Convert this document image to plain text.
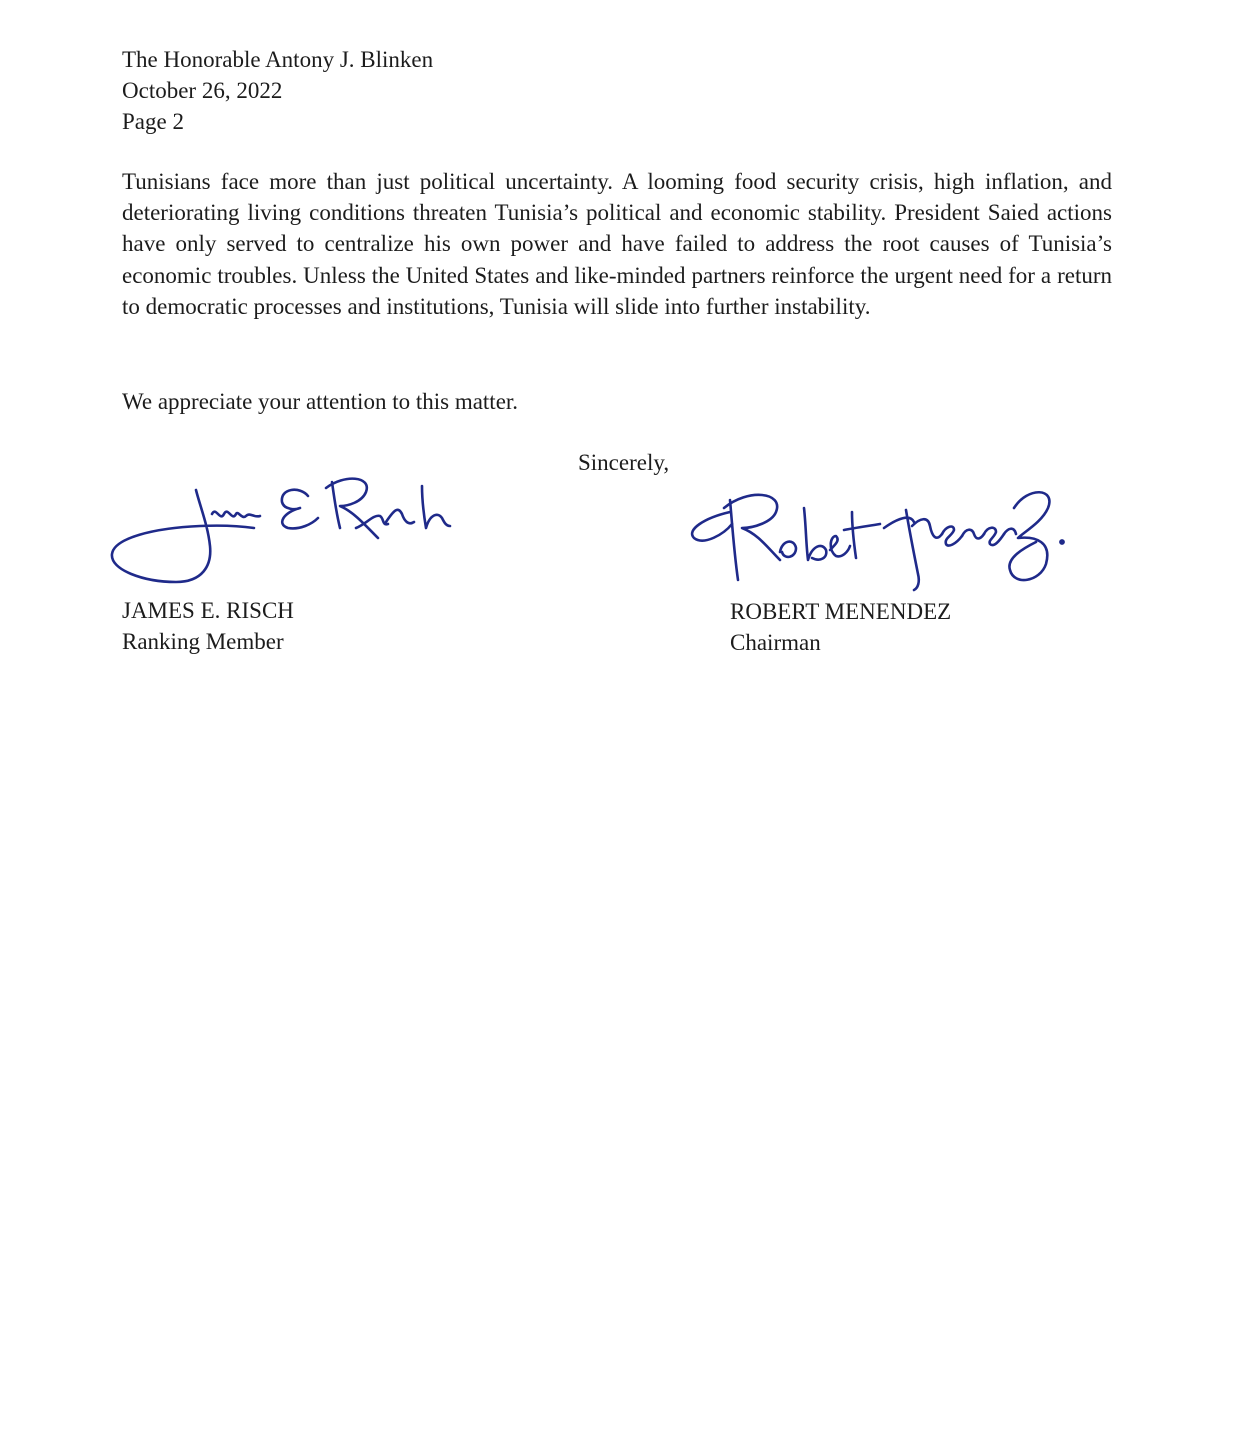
The Honorable Antony J. Blinken
October 26, 2022
Page 2
Tunisians face more than just political uncertainty. A looming food security crisis, high inflation, and deteriorating living conditions threaten Tunisia’s political and economic stability. President Saied actions have only served to centralize his own power and have failed to address the root causes of Tunisia’s economic troubles. Unless the United States and like-minded partners reinforce the urgent need for a return to democratic processes and institutions, Tunisia will slide into further instability.
We appreciate your attention to this matter.
Sincerely,
JAMES E. RISCH
Ranking Member
ROBERT MENENDEZ
Chairman
